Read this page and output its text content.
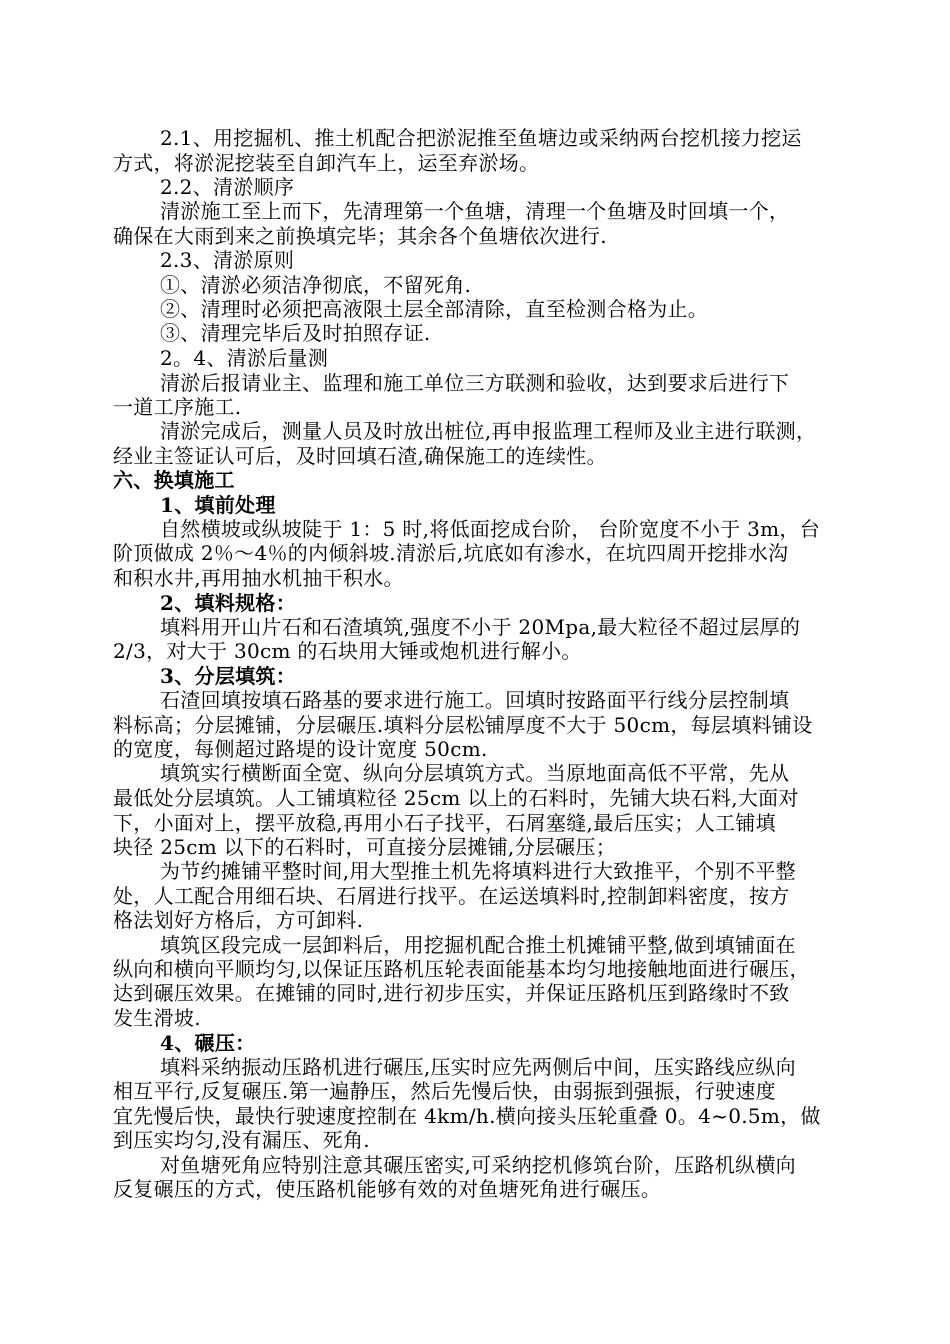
2.1、用挖掘机、推土机配合把淤泥推至鱼塘边或采纳两台挖机接力挖运
方式，将淤泥挖装至自卸汽车上，运至弃淤场。
2.2、清淤顺序
清淤施工至上而下，先清理第一个鱼塘，清理一个鱼塘及时回填一个，
确保在大雨到来之前换填完毕；其余各个鱼塘依次进行.
2.3、清淤原则
①、清淤必须洁净彻底，不留死角.
②、清理时必须把高液限土层全部清除，直至检测合格为止。
③、清理完毕后及时拍照存证.
2。4、清淤后量测
清淤后报请业主、监理和施工单位三方联测和验收，达到要求后进行下
一道工序施工.
清淤完成后，测量人员及时放出桩位,再申报监理工程师及业主进行联测，
经业主签证认可后，及时回填石渣,确保施工的连续性。
六、换填施工
1、填前处理
自然横坡或纵坡陡于 1：5 时,将低面挖成台阶， 台阶宽度不小于 3m，台
阶顶做成 2％～4％的内倾斜坡.清淤后,坑底如有渗水，在坑四周开挖排水沟
和积水井,再用抽水机抽干积水。
2、填料规格：
填料用开山片石和石渣填筑,强度不小于 20Mpa,最大粒径不超过层厚的
2/3，对大于 30cm 的石块用大锤或炮机进行解小。
3、分层填筑：
石渣回填按填石路基的要求进行施工。回填时按路面平行线分层控制填
料标高；分层摊铺，分层碾压.填料分层松铺厚度不大于 50cm，每层填料铺设
的宽度，每侧超过路堤的设计宽度 50cm.
填筑实行横断面全宽、纵向分层填筑方式。当原地面高低不平常，先从
最低处分层填筑。人工铺填粒径 25cm 以上的石料时，先铺大块石料,大面对
下，小面对上，摆平放稳,再用小石子找平，石屑塞缝,最后压实；人工铺填
块径 25cm 以下的石料时，可直接分层摊铺,分层碾压；
为节约摊铺平整时间,用大型推土机先将填料进行大致推平，个别不平整
处，人工配合用细石块、石屑进行找平。在运送填料时,控制卸料密度，按方
格法划好方格后，方可卸料.
填筑区段完成一层卸料后，用挖掘机配合推土机摊铺平整,做到填铺面在
纵向和横向平顺均匀,以保证压路机压轮表面能基本均匀地接触地面进行碾压，
达到碾压效果。在摊铺的同时,进行初步压实，并保证压路机压到路缘时不致
发生滑坡.
4、碾压：
填料采纳振动压路机进行碾压,压实时应先两侧后中间，压实路线应纵向
相互平行,反复碾压.第一遍静压，然后先慢后快，由弱振到强振，行驶速度
宜先慢后快，最快行驶速度控制在 4km/h.横向接头压轮重叠 0。4~0.5m，做
到压实均匀,没有漏压、死角.
对鱼塘死角应特别注意其碾压密实,可采纳挖机修筑台阶，压路机纵横向
反复碾压的方式，使压路机能够有效的对鱼塘死角进行碾压。
